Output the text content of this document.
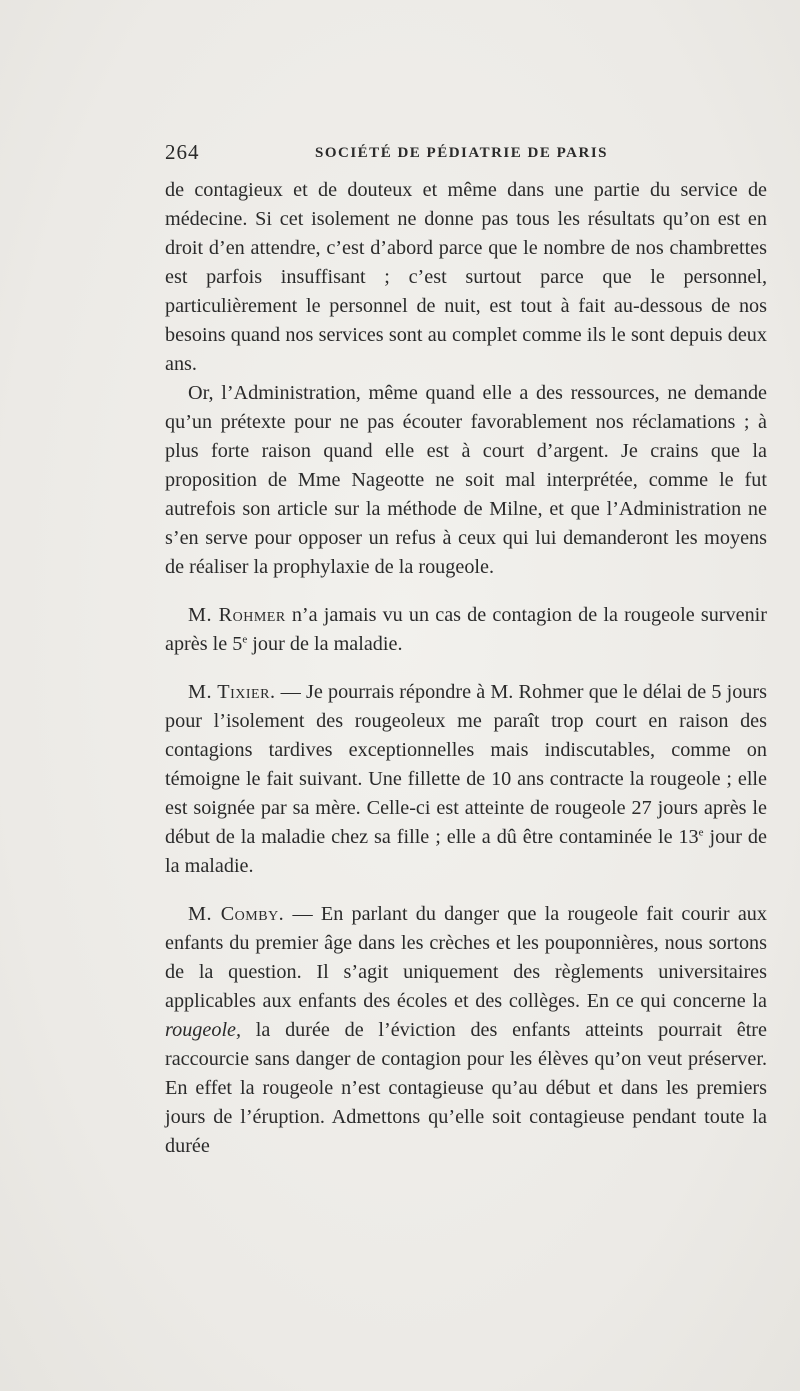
264	SOCIÉTÉ DE PÉDIATRIE DE PARIS

de contagieux et de douteux et même dans une partie du service de médecine. Si cet isolement ne donne pas tous les résultats qu’on est en droit d’en attendre, c’est d’abord parce que le nombre de nos chambrettes est parfois insuffisant ; c’est surtout parce que le personnel, particulièrement le personnel de nuit, est tout à fait au-dessous de nos besoins quand nos services sont au complet comme ils le sont depuis deux ans.

Or, l’Administration, même quand elle a des ressources, ne demande qu’un prétexte pour ne pas écouter favorablement nos réclamations ; à plus forte raison quand elle est à court d’argent. Je crains que la proposition de Mme Nageotte ne soit mal interprétée, comme le fut autrefois son article sur la méthode de Milne, et que l’Administration ne s’en serve pour opposer un refus à ceux qui lui demanderont les moyens de réaliser la prophylaxie de la rougeole.

M. Rohmer n’a jamais vu un cas de contagion de la rougeole survenir après le 5e jour de la maladie.

M. Tixier. — Je pourrais répondre à M. Rohmer que le délai de 5 jours pour l’isolement des rougeoleux me paraît trop court en raison des contagions tardives exceptionnelles mais indiscutables, comme on témoigne le fait suivant. Une fillette de 10 ans contracte la rougeole ; elle est soignée par sa mère. Celle-ci est atteinte de rougeole 27 jours après le début de la maladie chez sa fille ; elle a dû être contaminée le 13e jour de la maladie.

M. Comby. — En parlant du danger que la rougeole fait courir aux enfants du premier âge dans les crèches et les pouponnières, nous sortons de la question. Il s’agit uniquement des règlements universitaires applicables aux enfants des écoles et des collèges. En ce qui concerne la rougeole, la durée de l’éviction des enfants atteints pourrait être raccourcie sans danger de contagion pour les élèves qu’on veut préserver. En effet la rougeole n’est contagieuse qu’au début et dans les premiers jours de l’éruption. Admettons qu’elle soit contagieuse pendant toute la durée
